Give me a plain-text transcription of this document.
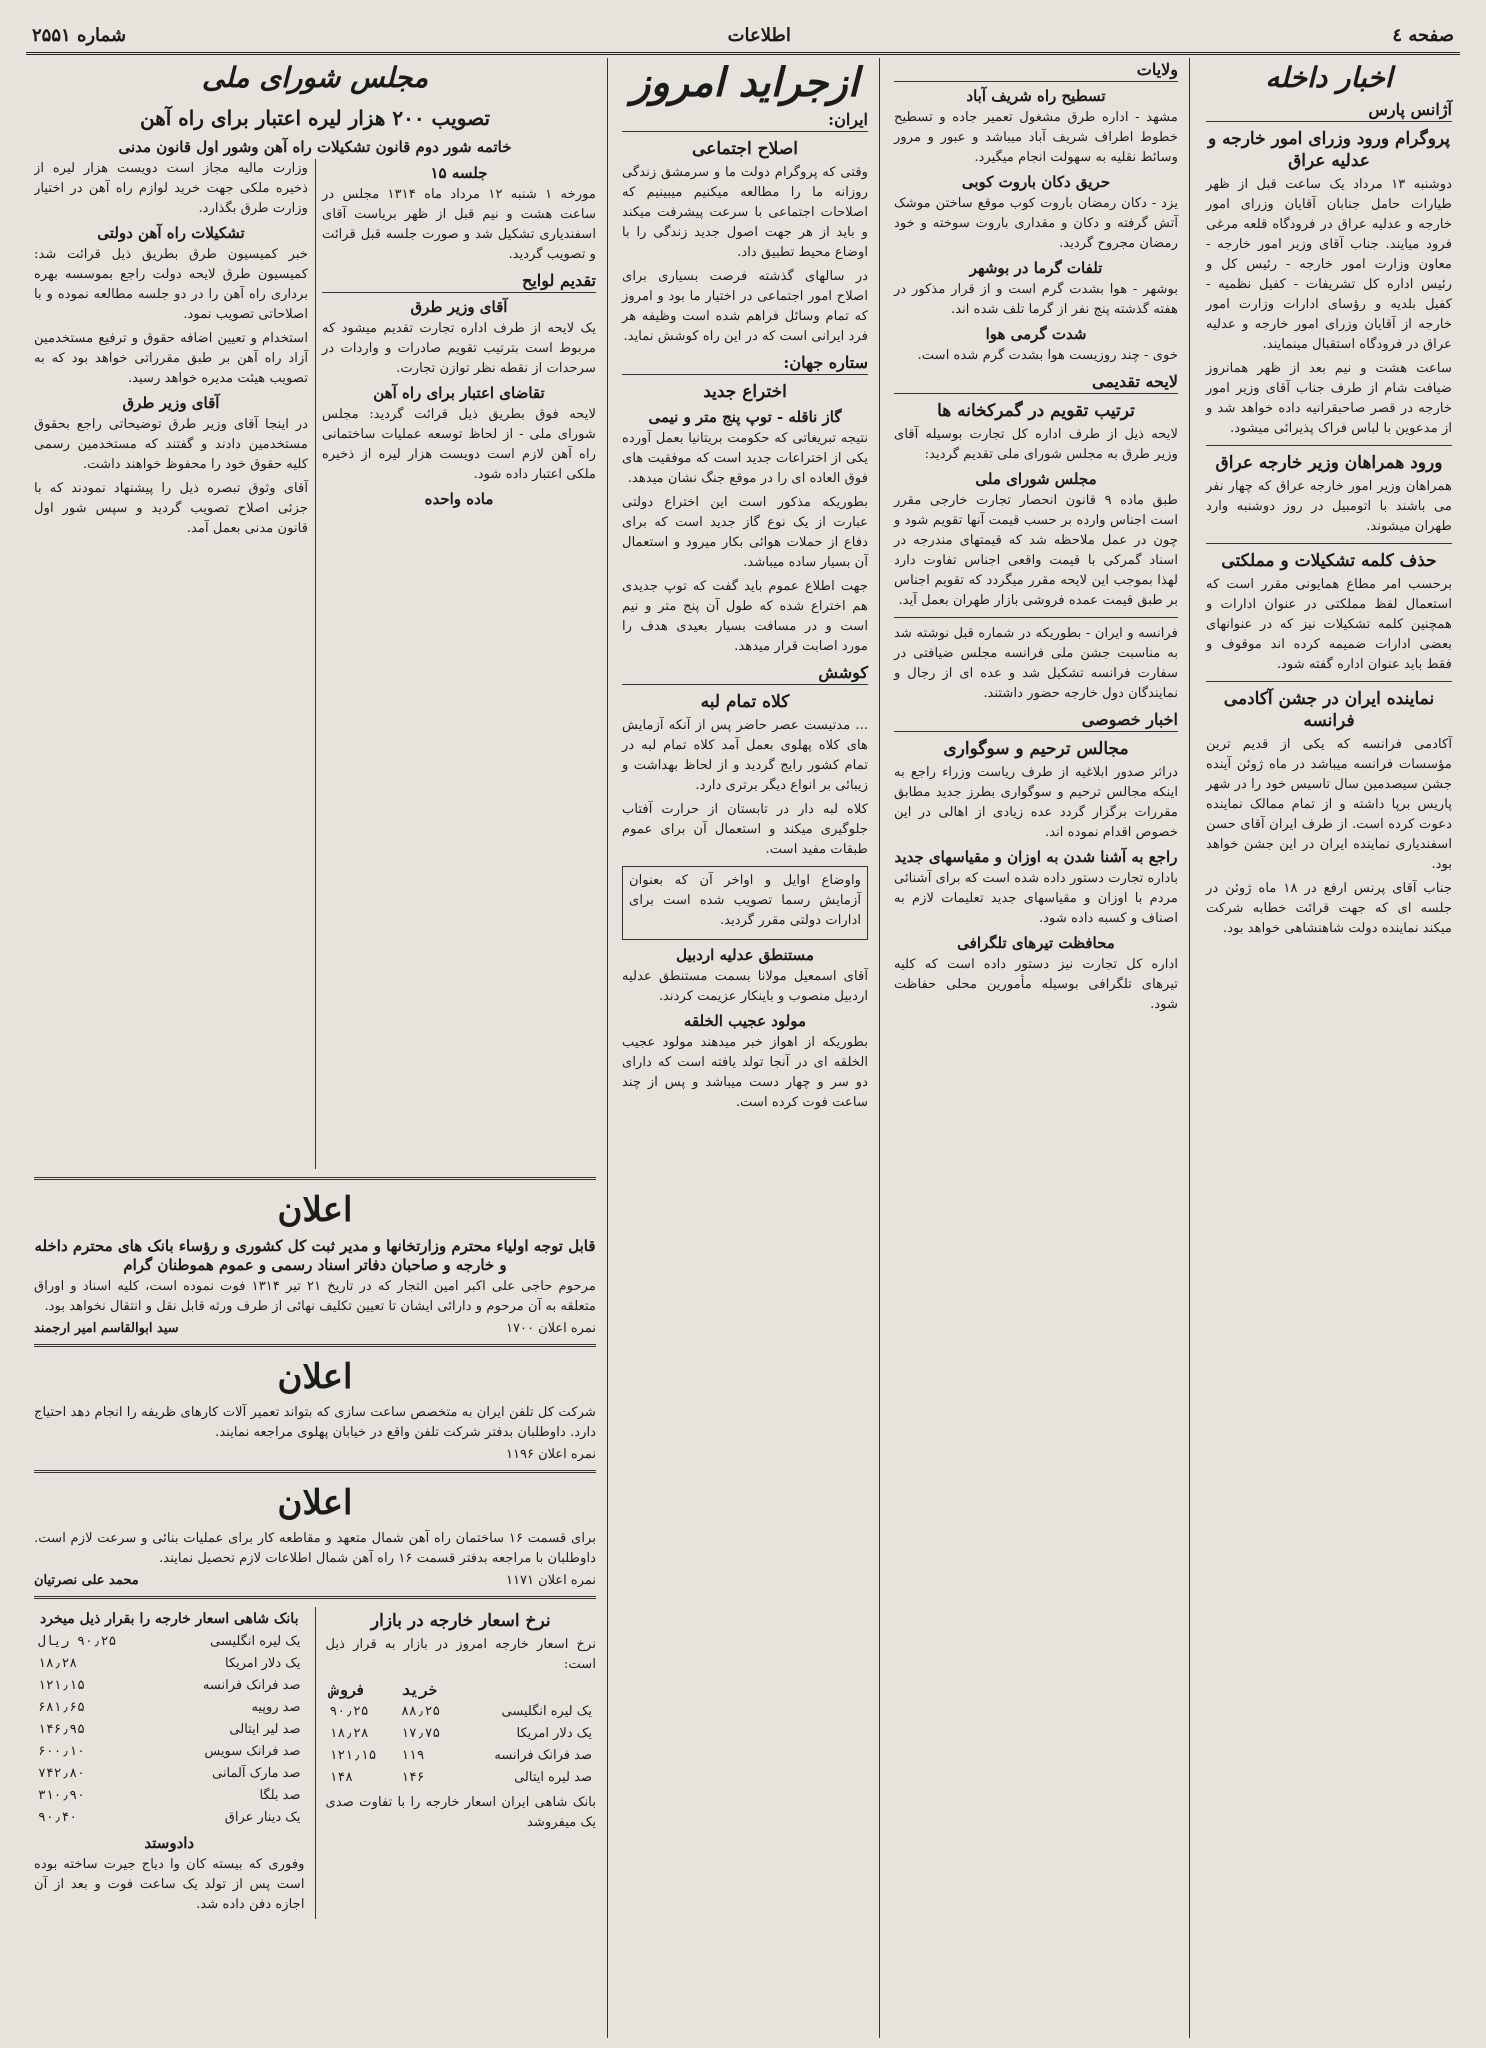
صفحه ٤
اطلاعات
شماره ۲۵۵۱
اخبار داخله
آژانس پارس
پروگرام ورود وزرای امور خارجه و عدلیه عراق

دوشنبه ۱۳ مرداد یک ساعت قبل از ظهر طیارات حامل جنابان آقایان وزرای امور خارجه و عدلیه عراق در فرودگاه قلعه مرغی فرود میایند. جناب آقای وزیر امور خارجه - معاون وزارت امور خارجه - رئیس کل و رئیس اداره کل تشریفات - کفیل نظمیه - کفیل بلدیه و رؤسای ادارات وزارت امور خارجه از آقایان وزرای امور خارجه و عدلیه عراق در فرودگاه استقبال مینمایند.

ساعت هشت و نیم بعد از ظهر همانروز ضیافت شام از طرف جناب آقای وزیر امور خارجه در قصر صاحبقرانیه داده خواهد شد و از مدعوین با لباس فراک پذیرائی میشود.

ورود همراهان وزیر خارجه عراق

همراهان وزیر امور خارجه عراق که چهار نفر می باشند با اتومبیل در روز دوشنبه وارد طهران میشوند.

حذف کلمه تشکیلات و مملکتی

برحسب امر مطاع همایونی مقرر است که استعمال لفظ مملکتی در عنوان ادارات و همچنین کلمه تشکیلات نیز که در عنوانهای بعضی ادارات ضمیمه کرده اند موقوف و فقط باید عنوان اداره گفته شود.

نماینده ایران در جشن آکادمی فرانسه

آکادمی فرانسه که یکی از قدیم ترین مؤسسات فرانسه میباشد در ماه ژوئن آینده جشن سیصدمین سال تاسیس خود را در شهر پاریس برپا داشته و از تمام ممالک نماینده دعوت کرده است. از طرف ایران آقای حسن اسفندیاری نماینده ایران در این جشن خواهد بود.

جناب آقای پرنس ارفع در ۱۸ ماه ژوئن در جلسه ای که جهت قرائت خطابه شرکت میکند نماینده دولت شاهنشاهی خواهد بود.

ولایات
تسطیح راه شریف آباد

مشهد - اداره طرق مشغول تعمیر جاده و تسطیح خطوط اطراف شریف آباد میباشد و عبور و مرور وسائط نقلیه به سهولت انجام میگیرد.

حریق دکان باروت کوبی

یزد - دکان رمضان باروت کوب موقع ساختن موشک آتش گرفته و دکان و مقداری باروت سوخته و خود رمضان مجروح گردید.

تلفات گرما در بوشهر

بوشهر - هوا بشدت گرم است و از قرار مذکور در هفته گذشته پنج نفر از گرما تلف شده اند.

شدت گرمی هوا

خوی - چند روزیست هوا بشدت گرم شده است.

لایحه تقدیمی
ترتیب تقویم در گمرکخانه ها

لایحه ذیل از طرف اداره کل تجارت بوسیله آقای وزیر طرق به مجلس شورای ملی تقدیم گردید:

مجلس شورای ملی

طبق ماده ۹ قانون انحصار تجارت خارجی مقرر است اجناس وارده بر حسب قیمت آنها تقویم شود و چون در عمل ملاحظه شد که قیمتهای مندرجه در اسناد گمرکی با قیمت واقعی اجناس تفاوت دارد لهذا بموجب این لایحه مقرر میگردد که تقویم اجناس بر طبق قیمت عمده فروشی بازار طهران بعمل آید.

فرانسه و ایران - بطوریکه در شماره قبل نوشته شد به مناسبت جشن ملی فرانسه مجلس ضیافتی در سفارت فرانسه تشکیل شد و عده ای از رجال و نمایندگان دول خارجه حضور داشتند.

اخبار خصوصی
مجالس ترحیم و سوگواری

دراثر صدور ابلاغیه از طرف ریاست وزراء راجع به اینکه مجالس ترحیم و سوگواری بطرز جدید مطابق مقررات برگزار گردد عده زیادی از اهالی در این خصوص اقدام نموده اند.

راجع به آشنا شدن به اوزان و مقیاسهای جدید

باداره تجارت دستور داده شده است که برای آشنائی مردم با اوزان و مقیاسهای جدید تعلیمات لازم به اصناف و کسبه داده شود.

محافظت تیرهای تلگرافی

اداره کل تجارت نیز دستور داده است که کلیه تیرهای تلگرافی بوسیله مأمورین محلی حفاظت شود.

ازجراید امروز
ایران:
اصلاح اجتماعی

وقتی که پروگرام دولت ما و سرمشق زندگی روزانه ما را مطالعه میکنیم میبینیم که اصلاحات اجتماعی با سرعت پیشرفت میکند و باید از هر جهت اصول جدید زندگی را با اوضاع محیط تطبیق داد.

در سالهای گذشته فرصت بسیاری برای اصلاح امور اجتماعی در اختیار ما بود و امروز که تمام وسائل فراهم شده است وظیفه هر فرد ایرانی است که در این راه کوشش نماید.

ستاره جهان:
اختراع جدید
گاز ناقله - توپ پنج متر و نیمی

نتیجه تبریغاتی که حکومت بریتانیا بعمل آورده یکی از اختراعات جدید است که موفقیت های فوق العاده ای را در موقع جنگ نشان میدهد.

بطوریکه مذکور است این اختراع دولتی عبارت از یک نوع گاز جدید است که برای دفاع از حملات هوائی بکار میرود و استعمال آن بسیار ساده میباشد.

جهت اطلاع عموم باید گفت که توپ جدیدی هم اختراع شده که طول آن پنج متر و نیم است و در مسافت بسیار بعیدی هدف را مورد اصابت قرار میدهد.

کوشش
کلاه تمام لبه

... مدتیست عصر حاضر پس از آنکه آزمایش های کلاه پهلوی بعمل آمد کلاه تمام لبه در تمام کشور رایج گردید و از لحاظ بهداشت و زیبائی بر انواع دیگر برتری دارد.

کلاه لبه دار در تابستان از حرارت آفتاب جلوگیری میکند و استعمال آن برای عموم طبقات مفید است.

واوضاع اوایل و اواخر آن که بعنوان آزمایش رسما تصویب شده است برای ادارات دولتی مقرر گردید.

مستنطق عدلیه اردبیل

آقای اسمعیل مولانا بسمت مستنطق عدلیه اردبیل منصوب و باینکار عزیمت کردند.

مولود عجیب الخلقه

بطوریکه از اهواز خبر میدهند مولود عجیب الخلقه ای در آنجا تولد یافته است که دارای دو سر و چهار دست میباشد و پس از چند ساعت فوت کرده است.

مجلس شورای ملی
تصویب ۲۰۰ هزار لیره اعتبار برای راه آهن
خاتمه شور دوم قانون تشکیلات راه آهن وشور اول قانون مدنی
جلسه ۱۵

مورخه ۱ شنبه ۱۲ مرداد ماه ۱۳۱۴ مجلس در ساعت هشت و نیم قبل از ظهر بریاست آقای اسفندیاری تشکیل شد و صورت جلسه قبل قرائت و تصویب گردید.

تقدیم لوایح
آقای وزیر طرق

یک لایحه از طرف اداره تجارت تقدیم میشود که مربوط است بترتیب تقویم صادرات و واردات در سرحدات از نقطه نظر توازن تجارت.

تقاضای اعتبار برای راه آهن

لایحه فوق بطریق ذیل قرائت گردید: مجلس شورای ملی - از لحاظ توسعه عملیات ساختمانی راه آهن لازم است دویست هزار لیره از ذخیره ملکی اعتبار داده شود.

ماده واحده

وزارت مالیه مجاز است دویست هزار لیره از ذخیره ملکی جهت خرید لوازم راه آهن در اختیار وزارت طرق بگذارد.

تشکیلات راه آهن دولتی

خبر کمیسیون طرق بطریق ذیل قرائت شد: کمیسیون طرق لایحه دولت راجع بموسسه بهره برداری راه آهن را در دو جلسه مطالعه نموده و با اصلاحاتی تصویب نمود.

استخدام و تعیین اضافه حقوق و ترفیع مستخدمین آزاد راه آهن بر طبق مقرراتی خواهد بود که به تصویب هیئت مدیره خواهد رسید.

آقای وزیر طرق

در اینجا آقای وزیر طرق توضیحاتی راجع بحقوق مستخدمین دادند و گفتند که مستخدمین رسمی کلیه حقوق خود را محفوظ خواهند داشت.

آقای وثوق تبصره ذیل را پیشنهاد نمودند که با جزئی اصلاح تصویب گردید و سپس شور اول قانون مدنی بعمل آمد.

اعلان
قابل توجه اولیاء محترم وزارتخانها و مدیر ثبت کل کشوری و رؤساء بانک های محترم داخله و خارجه و صاحبان دفاتر اسناد رسمی و عموم هموطنان گرام

مرحوم حاجی علی اکبر امین التجار که در تاریخ ۲۱ تیر ۱۳۱۴ فوت نموده است، کلیه اسناد و اوراق متعلقه به آن مرحوم و دارائی ایشان تا تعیین تکلیف نهائی از طرف ورثه قابل نقل و انتقال نخواهد بود.

نمره اعلان ۱۷۰۰
سید ابوالقاسم امیر ارجمند
اعلان

شرکت کل تلفن ایران به متخصص ساعت سازی که بتواند تعمیر آلات کارهای ظریفه را انجام دهد احتیاج دارد. داوطلبان بدفتر شرکت تلفن واقع در خیابان پهلوی مراجعه نمایند.

نمره اعلان ۱۱۹۶
اعلان

برای قسمت ۱۶ ساختمان راه آهن شمال متعهد و مقاطعه کار برای عملیات بنائی و سرعت لازم است. داوطلبان با مراجعه بدفتر قسمت ۱۶ راه آهن شمال اطلاعات لازم تحصیل نمایند.

نمره اعلان ۱۱۷۱
محمد علی نصرتیان
نرخ اسعار خارجه در بازار

نرخ اسعار خارجه امروز در بازار به قرار ذیل است:

	خرید	فروش
یک لیره انگلیسی	۸۸٫۲۵	۹۰٫۲۵
یک دلار امریکا	۱۷٫۷۵	۱۸٫۲۸
صد فرانک فرانسه	۱۱۹	۱۲۱٫۱۵
صد لیره ایتالی	۱۴۶	۱۴۸

بانک شاهی ایران اسعار خارجه را با تفاوت صدی یک میفروشد

بانک شاهی اسعار خارجه را بقرار ذیل میخرد
یک لیره انگلیسی	۹۰٫۲۵ ریال
یک دلار امریکا	۱۸٫۲۸
صد فرانک فرانسه	۱۲۱٫۱۵
صد روپیه	۶۸۱٫۶۵
صد لیر ایتالی	۱۴۶٫۹۵
صد فرانک سویس	۶۰۰٫۱۰
صد مارک آلمانی	۷۴۲٫۸۰
صد بلگا	۳۱۰٫۹۰
یک دینار عراق	۹۰٫۴۰
دادوستد

وفوری که بیسته کان وا دیاج جیرت ساخته بوده است پس از تولد یک ساعت فوت و بعد از آن اجازه دفن داده شد.
